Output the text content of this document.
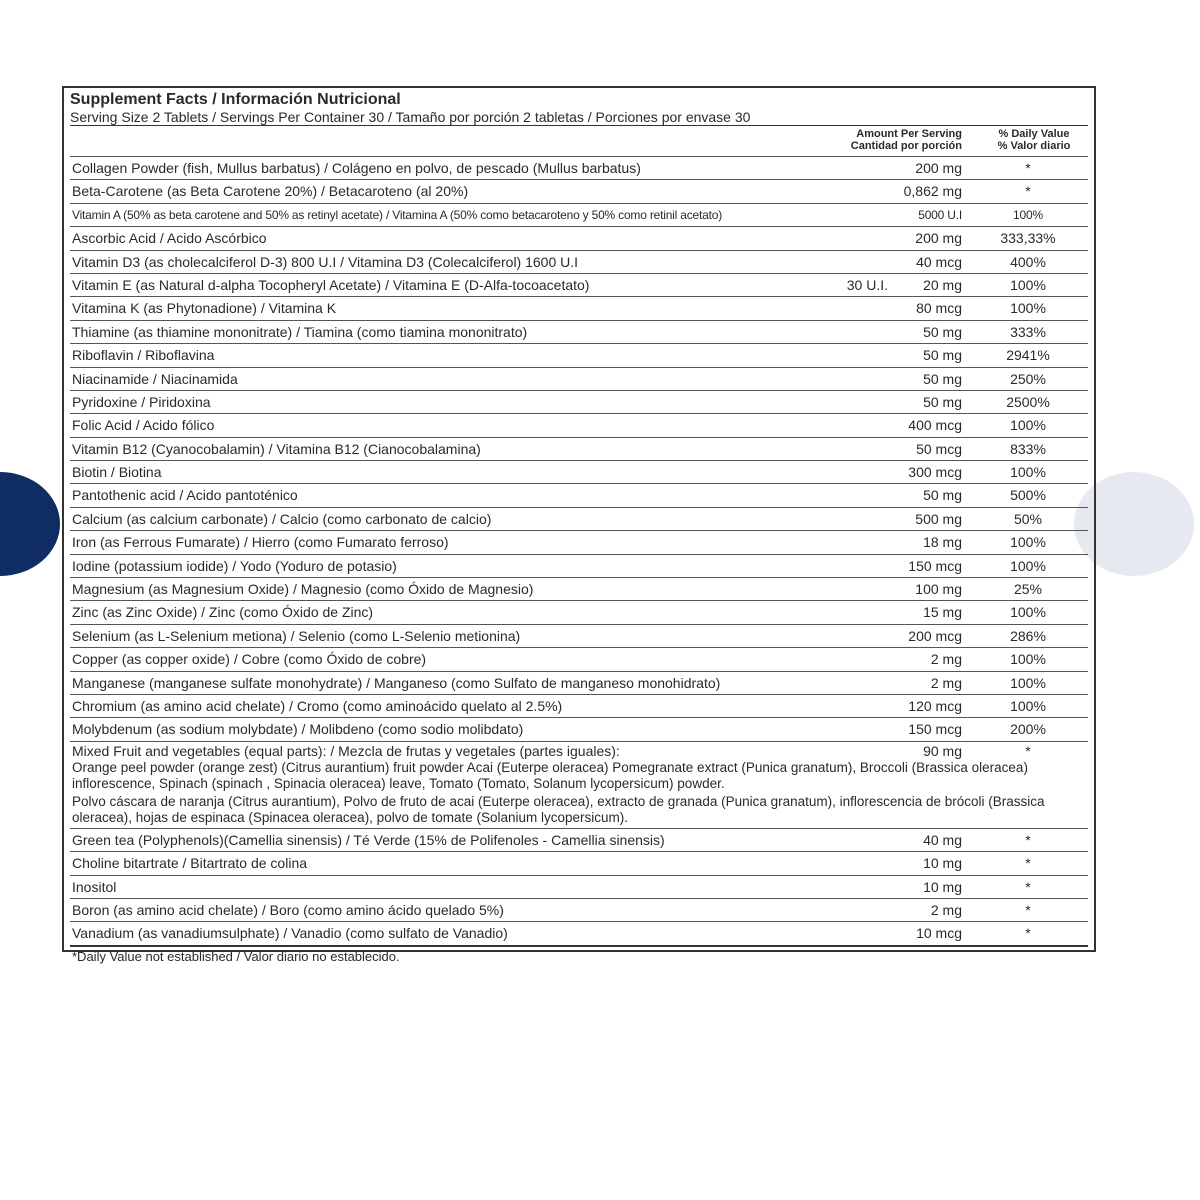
Supplement Facts / Información Nutricional
Serving Size 2 Tablets / Servings Per Container 30 / Tamaño por porción 2 tabletas / Porciones por envase 30
Amount Per Serving
Cantidad por porción
% Daily Value
% Valor diario
Collagen Powder (fish, Mullus barbatus) / Colágeno en polvo, de pescado (Mullus barbatus)	200 mg	*
Beta-Carotene (as Beta Carotene 20%) / Betacaroteno (al 20%)	0,862 mg	*
Vitamin A (50% as beta carotene and 50% as retinyl acetate) / Vitamina A (50% como betacaroteno y 50% como retinil acetato)	5000 U.I	100%
Ascorbic Acid / Acido Ascórbico	200 mg	333,33%
Vitamin D3 (as cholecalciferol D-3) 800 U.I / Vitamina D3 (Colecalciferol) 1600 U.I	40 mcg	400%
Vitamin E (as Natural d-alpha Tocopheryl Acetate) / Vitamina E (D-Alfa-tocoacetato)	30 U.I.	20 mg	100%
Vitamina K (as Phytonadione) / Vitamina K	80 mcg	100%
Thiamine (as thiamine mononitrate) / Tiamina (como tiamina mononitrato)	50 mg	333%
Riboflavin / Riboflavina	50 mg	2941%
Niacinamide / Niacinamida	50 mg	250%
Pyridoxine / Piridoxina	50 mg	2500%
Folic Acid / Acido fólico	400 mcg	100%
Vitamin B12 (Cyanocobalamin) / Vitamina B12 (Cianocobalamina)	50 mcg	833%
Biotin / Biotina	300 mcg	100%
Pantothenic acid / Acido pantoténico	50 mg	500%
Calcium (as calcium carbonate) / Calcio (como carbonato de calcio)	500 mg	50%
Iron (as Ferrous Fumarate) / Hierro (como Fumarato ferroso)	18 mg	100%
Iodine (potassium iodide) / Yodo (Yoduro de potasio)	150 mcg	100%
Magnesium (as Magnesium Oxide) / Magnesio (como Óxido de Magnesio)	100 mg	25%
Zinc (as Zinc Oxide) / Zinc (como Óxido de Zinc)	15 mg	100%
Selenium (as L-Selenium metiona) / Selenio (como L-Selenio metionina)	200 mcg	286%
Copper (as copper oxide) / Cobre (como Óxido de cobre)	2 mg	100%
Manganese (manganese sulfate monohydrate) / Manganeso (como Sulfato de manganeso monohidrato)	2 mg	100%
Chromium (as amino acid chelate) / Cromo (como aminoácido quelato al 2.5%)	120 mcg	100%
Molybdenum (as sodium molybdate) / Molibdeno (como sodio molibdato)	150 mcg	200%
Mixed Fruit and vegetables (equal parts): / Mezcla de frutas y vegetales (partes iguales):	90 mg	*
Orange peel powder (orange zest) (Citrus aurantium) fruit powder Acai (Euterpe oleracea) Pomegranate extract (Punica granatum), Broccoli (Brassica oleracea) inflorescence, Spinach (spinach , Spinacia oleracea) leave, Tomato (Tomato, Solanum lycopersicum) powder.
Polvo cáscara de naranja (Citrus aurantium), Polvo de fruto de acai (Euterpe oleracea), extracto de granada (Punica granatum), inflorescencia de brócoli (Brassica oleracea), hojas de espinaca (Spinacea oleracea), polvo de tomate (Solanium lycopersicum).
Green tea (Polyphenols)(Camellia sinensis) / Té Verde (15% de Polifenoles - Camellia sinensis)	40 mg	*
Choline bitartrate / Bitartrato de colina	10 mg	*
Inositol	10 mg	*
Boron (as amino acid chelate) / Boro (como amino ácido quelado 5%)	2 mg	*
Vanadium (as vanadiumsulphate) / Vanadio (como sulfato de Vanadio)	10 mcg	*
*Daily Value not established / Valor diario no establecido.
